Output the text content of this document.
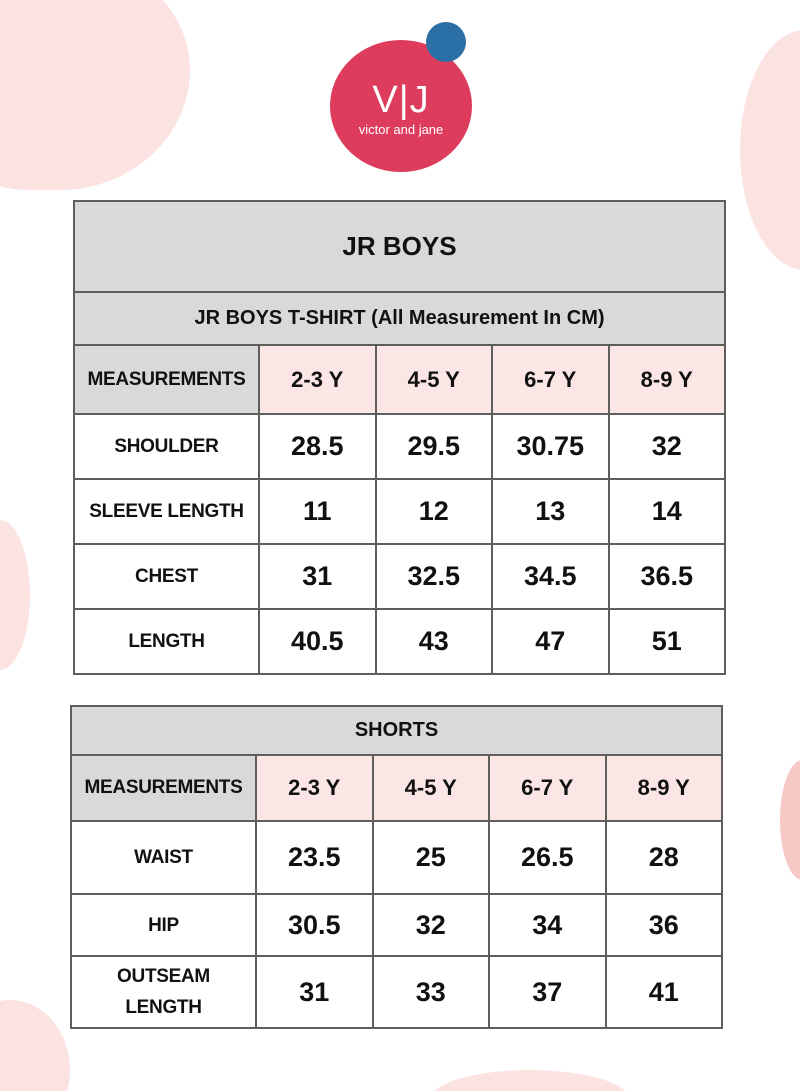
V|J
victor and jane
JR BOYS				
JR BOYS T-SHIRT (All Measurement In CM)				
MEASUREMENTS	2-3 Y	4-5 Y	6-7 Y	8-9 Y
SHOULDER	28.5	29.5	30.75	32
SLEEVE LENGTH	11	12	13	14
CHEST	31	32.5	34.5	36.5
LENGTH	40.5	43	47	51
SHORTS				
MEASUREMENTS	2-3 Y	4-5 Y	6-7 Y	8-9 Y
WAIST	23.5	25	26.5	28
HIP	30.5	32	34	36

OUTSEAM
LENGTH	31	33	37	41
